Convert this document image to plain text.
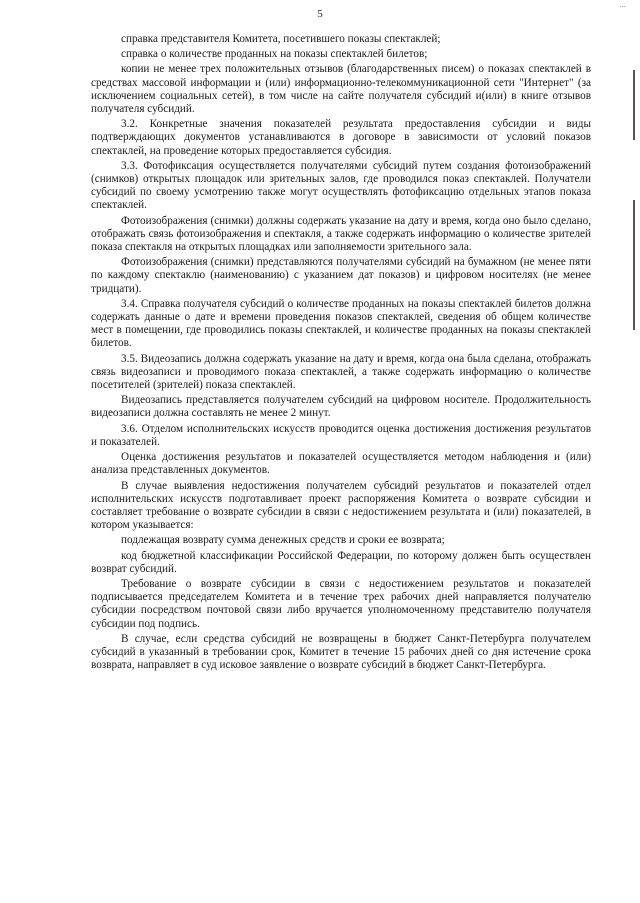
...
5

справка представителя Комитета, посетившего показы спектаклей;

справка о количестве проданных на показы спектаклей билетов;

копии не менее трех положительных отзывов (благодарственных писем) о показах спектаклей в средствах массовой информации и (или) информационно-телекоммуникационной сети "Интернет" (за исключением социальных сетей), в том числе на сайте получателя субсидий и(или) в книге отзывов получателя субсидий.

3.2. Конкретные значения показателей результата предоставления субсидии и виды подтверждающих документов устанавливаются в договоре в зависимости от условий показов спектаклей, на проведение которых предоставляется субсидия.

3.3. Фотофиксация осуществляется получателями субсидий путем создания фотоизображений (снимков) открытых площадок или зрительных залов, где проводился показ спектаклей. Получатели субсидий по своему усмотрению также могут осуществлять фотофиксацию отдельных этапов показа спектаклей.

Фотоизображения (снимки) должны содержать указание на дату и время, когда оно было сделано, отображать связь фотоизображения и спектакля, а также содержать информацию о количестве зрителей показа спектакля на открытых площадках или заполняемости зрительного зала.

Фотоизображения (снимки) представляются получателями субсидий на бумажном (не менее пяти по каждому спектаклю (наименованию) с указанием дат показов) и цифровом носителях (не менее тридцати).

3.4. Справка получателя субсидий о количестве проданных на показы спектаклей билетов должна содержать данные о дате и времени проведения показов спектаклей, сведения об общем количестве мест в помещении, где проводились показы спектаклей, и количестве проданных на показы спектаклей билетов.

3.5. Видеозапись должна содержать указание на дату и время, когда она была сделана, отображать связь видеозаписи и проводимого показа спектаклей, а также содержать информацию о количестве посетителей (зрителей) показа спектаклей.

Видеозапись представляется получателем субсидий на цифровом носителе. Продолжительность видеозаписи должна составлять не менее 2 минут.

3.6. Отделом исполнительских искусств проводится оценка достижения достижения результатов и показателей.

Оценка достижения результатов и показателей осуществляется методом наблюдения и (или) анализа представленных документов.

В случае выявления недостижения получателем субсидий результатов и показателей отдел исполнительских искусств подготавливает проект распоряжения Комитета о возврате субсидии и составляет требование о возврате субсидии в связи с недостижением результата и (или) показателей, в котором указывается:

подлежащая возврату сумма денежных средств и сроки ее возврата;

код бюджетной классификации Российской Федерации, по которому должен быть осуществлен возврат субсидий.

Требование о возврате субсидии в связи с недостижением результатов и показателей подписывается председателем Комитета и в течение трех рабочих дней направляется получателю субсидии посредством почтовой связи либо вручается уполномоченному представителю получателя субсидии под подпись.

В случае, если средства субсидий не возвращены в бюджет Санкт-Петербурга получателем субсидий в указанный в требовании срок, Комитет в течение 15 рабочих дней со дня истечение срока возврата, направляет в суд исковое заявление о возврате субсидий в бюджет Санкт-Петербурга.
